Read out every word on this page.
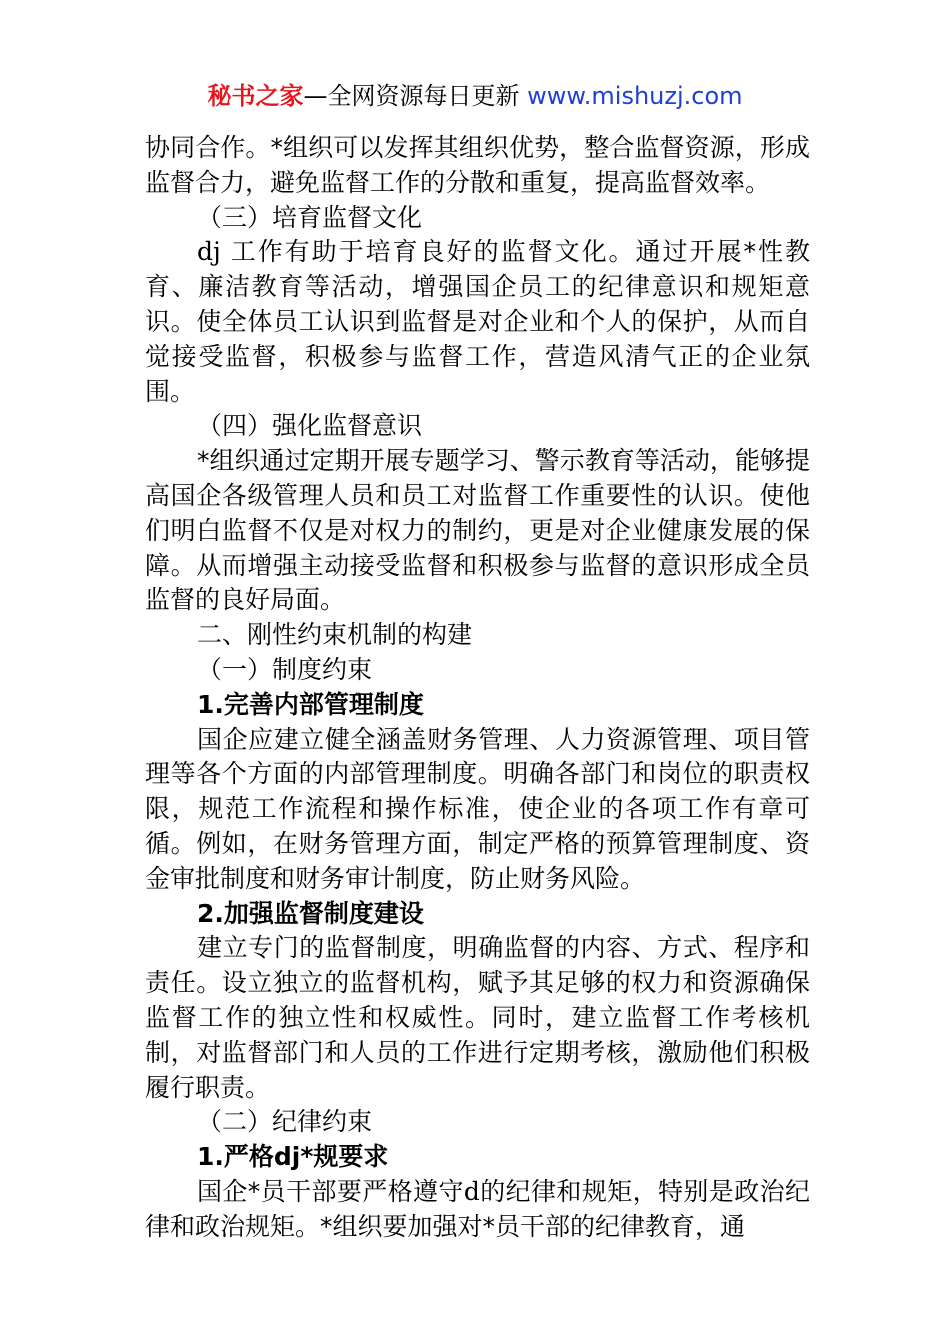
秘书之家—全网资源每日更新 www.mishuzj.com

协同合作。*组织可以发挥其组织优势，整合监督资源，形成监督合力，避免监督工作的分散和重复，提高监督效率。

（三）培育监督文化

dj 工作有助于培育良好的监督文化。通过开展*性教育、廉洁教育等活动，增强国企员工的纪律意识和规矩意识。使全体员工认识到监督是对企业和个人的保护，从而自觉接受监督，积极参与监督工作，营造风清气正的企业氛围。

（四）强化监督意识

*组织通过定期开展专题学习、警示教育等活动，能够提高国企各级管理人员和员工对监督工作重要性的认识。使他们明白监督不仅是对权力的制约，更是对企业健康发展的保障。从而增强主动接受监督和积极参与监督的意识形成全员监督的良好局面。

二、刚性约束机制的构建

（一）制度约束

1.完善内部管理制度

国企应建立健全涵盖财务管理、人力资源管理、项目管理等各个方面的内部管理制度。明确各部门和岗位的职责权限，规范工作流程和操作标准，使企业的各项工作有章可循。例如，在财务管理方面，制定严格的预算管理制度、资金审批制度和财务审计制度，防止财务风险。

2.加强监督制度建设

建立专门的监督制度，明确监督的内容、方式、程序和责任。设立独立的监督机构，赋予其足够的权力和资源确保监督工作的独立性和权威性。同时，建立监督工作考核机制，对监督部门和人员的工作进行定期考核，激励他们积极履行职责。

（二）纪律约束

1.严格dj*规要求

国企*员干部要严格遵守d的纪律和规矩，特别是政治纪律和政治规矩。*组织要加强对*员干部的纪律教育，通
